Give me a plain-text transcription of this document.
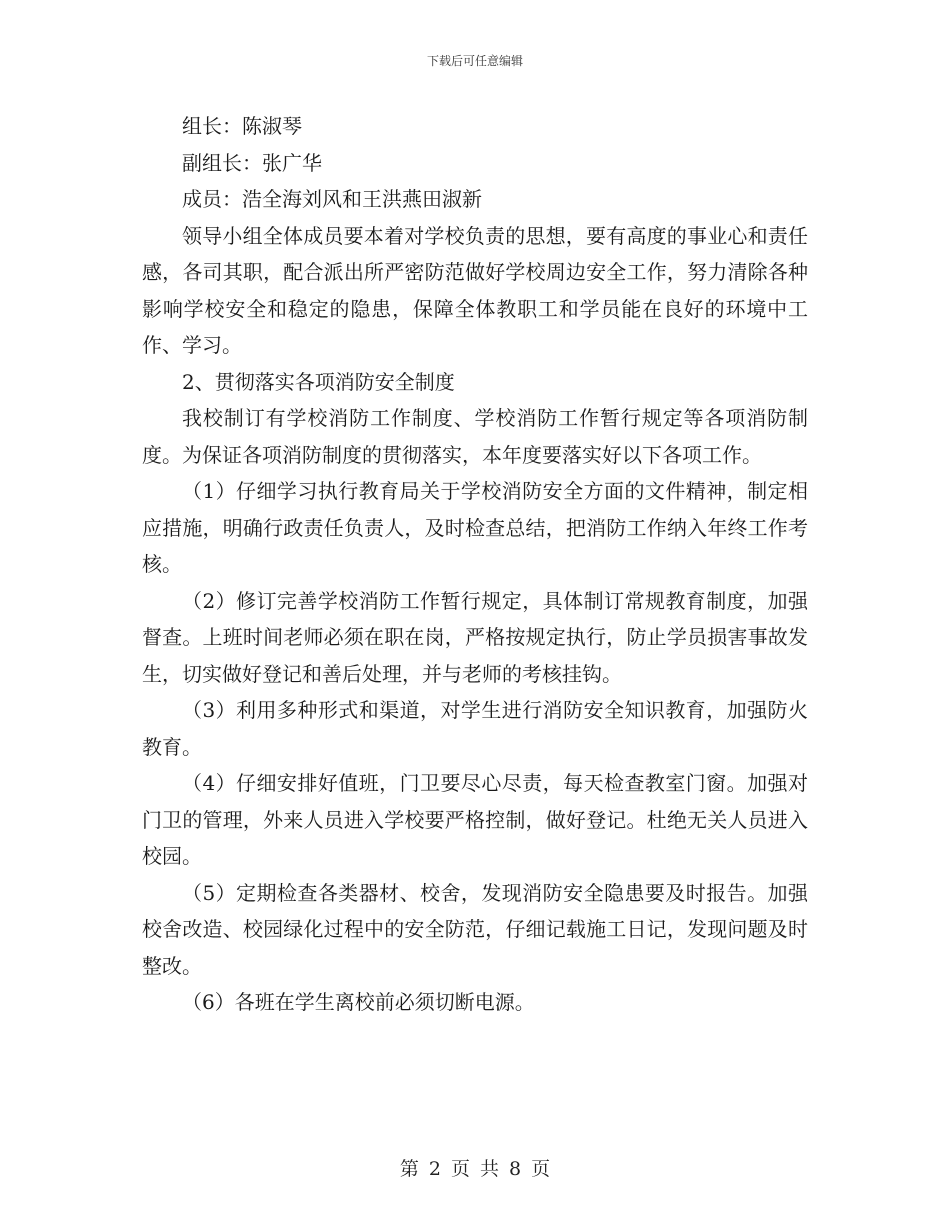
下载后可任意编辑

组长：陈淑琴

副组长：张广华

成员：浩全海刘风和王洪燕田淑新

领导小组全体成员要本着对学校负责的思想，要有高度的事业心和责任感，各司其职，配合派出所严密防范做好学校周边安全工作，努力清除各种影响学校安全和稳定的隐患，保障全体教职工和学员能在良好的环境中工作、学习。

2、贯彻落实各项消防安全制度

我校制订有学校消防工作制度、学校消防工作暂行规定等各项消防制度。为保证各项消防制度的贯彻落实，本年度要落实好以下各项工作。

（1）仔细学习执行教育局关于学校消防安全方面的文件精神，制定相应措施，明确行政责任负责人，及时检查总结，把消防工作纳入年终工作考核。

（2）修订完善学校消防工作暂行规定，具体制订常规教育制度，加强督查。上班时间老师必须在职在岗，严格按规定执行，防止学员损害事故发生，切实做好登记和善后处理，并与老师的考核挂钩。

（3）利用多种形式和渠道，对学生进行消防安全知识教育，加强防火教育。

（4）仔细安排好值班，门卫要尽心尽责，每天检查教室门窗。加强对门卫的管理，外来人员进入学校要严格控制，做好登记。杜绝无关人员进入校园。

（5）定期检查各类器材、校舍，发现消防安全隐患要及时报告。加强校舍改造、校园绿化过程中的安全防范，仔细记载施工日记，发现问题及时整改。

（6）各班在学生离校前必须切断电源。

第 2 页 共 8 页
